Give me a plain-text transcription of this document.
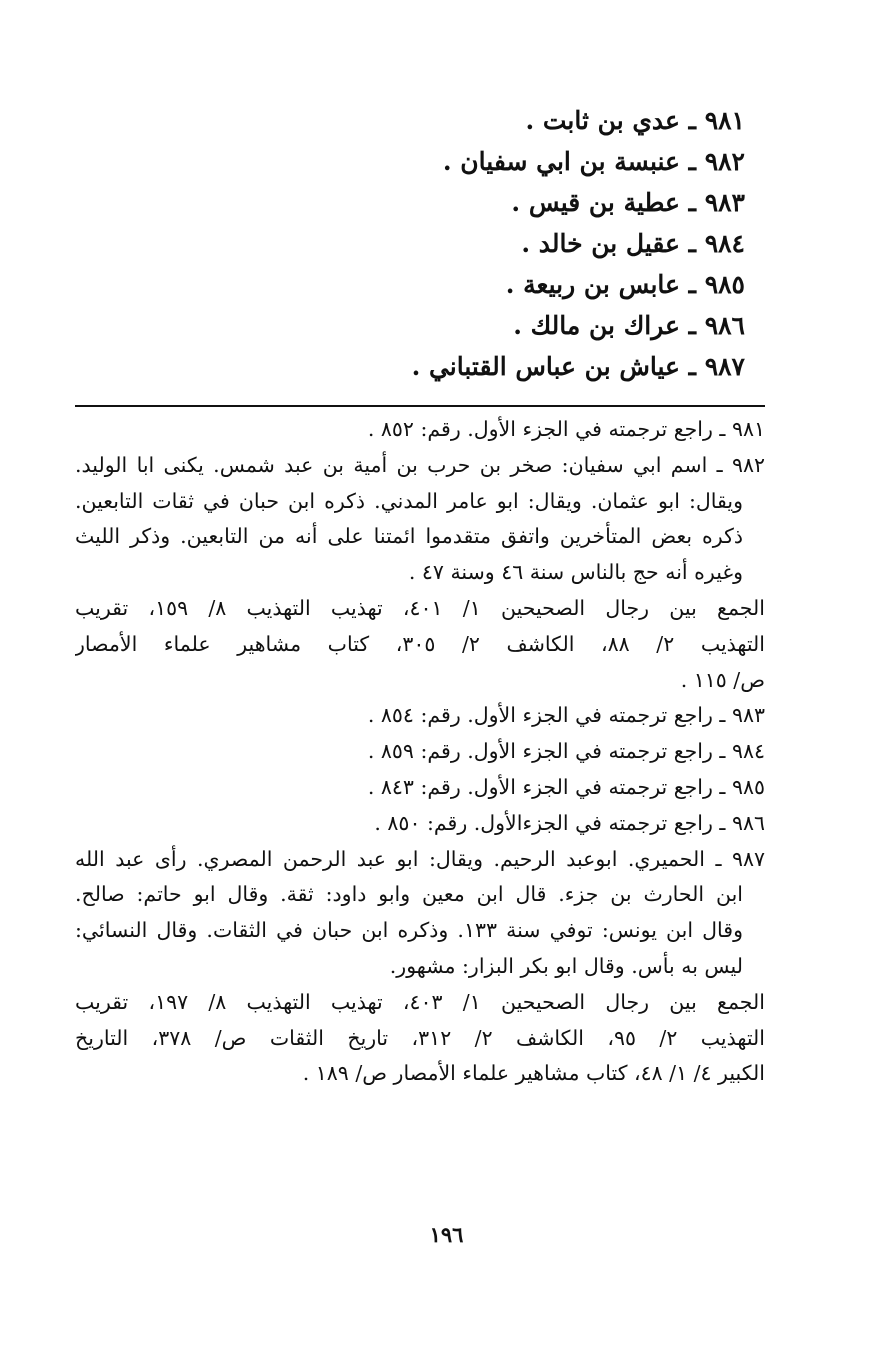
٩٨١ ـ عدي بن ثابت .
٩٨٢ ـ عنبسة بن ابي سفيان .
٩٨٣ ـ عطية بن قيس .
٩٨٤ ـ عقيل بن خالد .
٩٨٥ ـ عابس بن ربيعة .
٩٨٦ ـ عراك بن مالك .
٩٨٧ ـ عياش بن عباس القتباني .
٩٨١ ـ راجع ترجمته في الجزء الأول. رقم: ٨٥٢ .
٩٨٢ ـ اسم ابي سفيان: صخر بن حرب بن أمية بن عبد شمس. يكنى ابا الوليد.
ويقال: ابو عثمان. ويقال: ابو عامر المدني. ذكره ابن حبان في ثقات التابعين.
ذكره بعض المتأخرين واتفق متقدموا ائمتنا على أنه من التابعين. وذكر الليث
وغيره أنه حج بالناس سنة ٤٦ وسنة ٤٧ .
الجمع بين رجال الصحيحين ١/ ٤٠١، تهذيب التهذيب ٨/ ١٥٩، تقريب
التهذيب ٢/ ٨٨، الكاشف ٢/ ٣٠٥، كتاب مشاهير علماء الأمصار
ص/ ١١٥ .
٩٨٣ ـ راجع ترجمته في الجزء الأول. رقم: ٨٥٤ .
٩٨٤ ـ راجع ترجمته في الجزء الأول. رقم: ٨٥٩ .
٩٨٥ ـ راجع ترجمته في الجزء الأول. رقم: ٨٤٣ .
٩٨٦ ـ راجع ترجمته في الجزءالأول. رقم: ٨٥٠ .
٩٨٧ ـ الحميري. ابوعبد الرحيم. ويقال: ابو عبد الرحمن المصري. رأى عبد الله
ابن الحارث بن جزء. قال ابن معين وابو داود: ثقة. وقال ابو حاتم: صالح.
وقال ابن يونس: توفي سنة ١٣٣. وذكره ابن حبان في الثقات. وقال النسائي:
ليس به بأس. وقال ابو بكر البزار: مشهور.
الجمع بين رجال الصحيحين ١/ ٤٠٣، تهذيب التهذيب ٨/ ١٩٧، تقريب
التهذيب ٢/ ٩٥، الكاشف ٢/ ٣١٢، تاريخ الثقات ص/ ٣٧٨، التاريخ
الكبير ٤/ ١/ ٤٨، كتاب مشاهير علماء الأمصار ص/ ١٨٩ .
١٩٦
